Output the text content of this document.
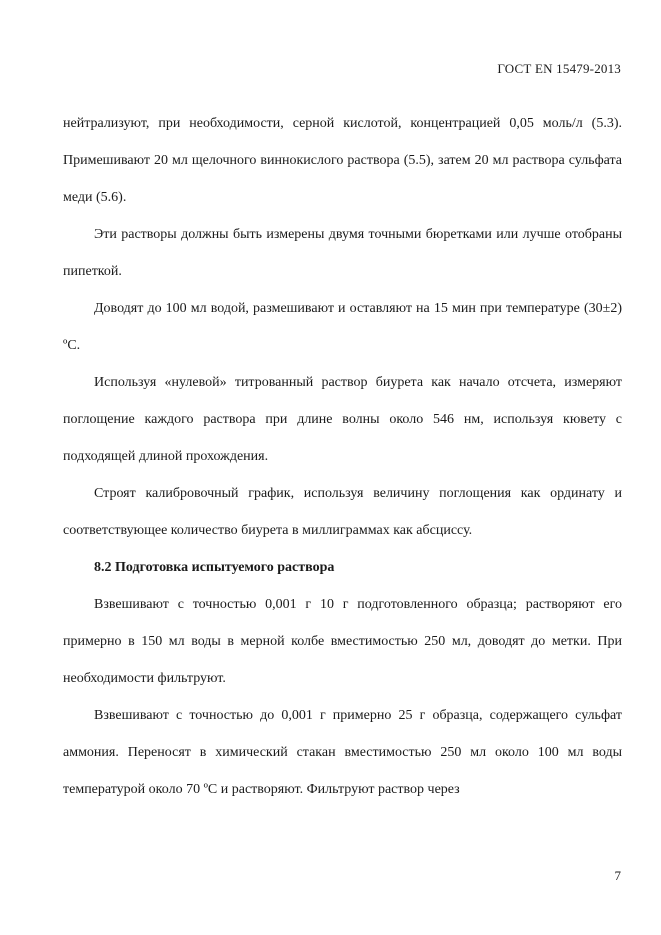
ГОСТ EN 15479-2013

нейтрализуют, при необходимости, серной кислотой, концентрацией 0,05 моль/л (5.3). Примешивают 20 мл щелочного виннокислого раствора (5.5), затем 20 мл раствора сульфата меди (5.6).

Эти растворы должны быть измерены двумя точными бюретками или лучше отобраны пипеткой.

Доводят до 100 мл водой, размешивают и оставляют на 15 мин при температуре (30±2) ºС.

Используя «нулевой» титрованный раствор биурета как начало отсчета, измеряют поглощение каждого раствора при длине волны около 546 нм, используя кювету с подходящей длиной прохождения.

Строят калибровочный график, используя величину поглощения как ординату и соответствующее количество биурета в миллиграммах как абсциссу.

8.2 Подготовка испытуемого раствора

Взвешивают с точностью 0,001 г 10 г подготовленного образца; растворяют его примерно в 150 мл воды в мерной колбе вместимостью 250 мл, доводят до метки. При необходимости фильтруют.

Взвешивают с точностью до 0,001 г примерно 25 г образца, содержащего сульфат аммония. Переносят в химический стакан вместимостью 250 мл около 100 мл воды температурой около 70 ºС и растворяют. Фильтруют раствор через

7
